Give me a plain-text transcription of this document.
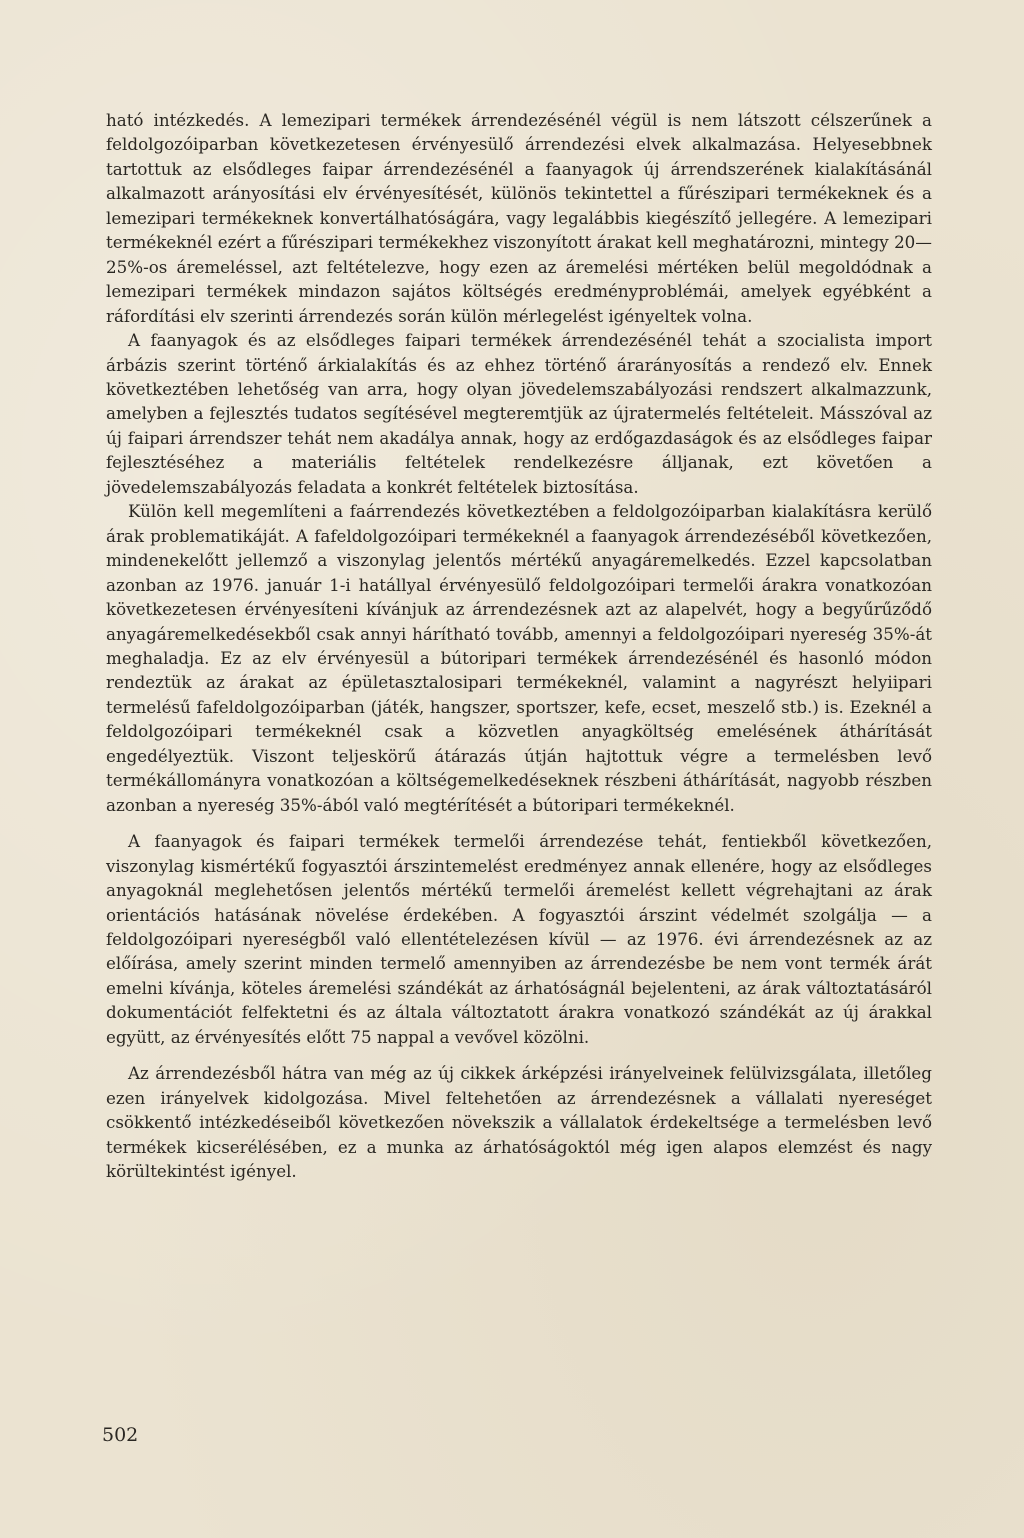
ható intézkedés. A lemezipari termékek árrendezésénél végül is nem látszott célszerűnek a feldolgozóiparban következetesen érvényesülő árrendezési elvek alkalmazása. Helyesebbnek tartottuk az elsődleges faipar árrendezésénél a faanyagok új árrendszerének kialakításánál alkalmazott arányosítási elv érvényesítését, különös tekintettel a fűrészipari termékeknek és a lemezipari termékeknek konvertálhatóságára, vagy legalábbis kiegészítő jellegére. A lemezipari termékeknél ezért a fűrészipari termékekhez viszonyított árakat kell meghatározni, mintegy 20—25%-os áremeléssel, azt feltételezve, hogy ezen az áremelési mértéken belül megoldódnak a lemezipari termékek mindazon sajátos költségés eredményproblémái, amelyek egyébként a ráfordítási elv szerinti árrendezés során külön mérlegelést igényeltek volna.

A faanyagok és az elsődleges faipari termékek árrendezésénél tehát a szocialista import árbázis szerint történő árkialakítás és az ehhez történő árarányosítás a rendező elv. Ennek következtében lehetőség van arra, hogy olyan jövedelemszabályozási rendszert alkalmazzunk, amelyben a fejlesztés tudatos segítésével megteremtjük az újratermelés feltételeit. Másszóval az új faipari árrendszer tehát nem akadálya annak, hogy az erdőgazdaságok és az elsődleges faipar fejlesztéséhez a materiális feltételek rendelkezésre álljanak, ezt követően a jövedelemszabályozás feladata a konkrét feltételek biztosítása.

Külön kell megemlíteni a faárrendezés következtében a feldolgozóiparban kialakításra kerülő árak problematikáját. A fafeldolgozóipari termékeknél a faanyagok árrendezéséből következően, mindenekelőtt jellemző a viszonylag jelentős mértékű anyagáremelkedés. Ezzel kapcsolatban azonban az 1976. január 1-i hatállyal érvényesülő feldolgozóipari termelői árakra vonatkozóan következetesen érvényesíteni kívánjuk az árrendezésnek azt az alapelvét, hogy a begyűrűződő anyagáremelkedésekből csak annyi hárítható tovább, amennyi a feldolgozóipari nyereség 35%-át meghaladja. Ez az elv érvényesül a bútoripari termékek árrendezésénél és hasonló módon rendeztük az árakat az épületasztalosipari termékeknél, valamint a nagyrészt helyiipari termelésű fafeldolgozóiparban (játék, hangszer, sportszer, kefe, ecset, meszelő stb.) is. Ezeknél a feldolgozóipari termékeknél csak a közvetlen anyagköltség emelésének áthárítását engedélyeztük. Viszont teljeskörű átárazás útján hajtottuk végre a termelésben levő termékállományra vonatkozóan a költségemelkedéseknek részbeni áthárítását, nagyobb részben azonban a nyereség 35%-ából való megtérítését a bútoripari termékeknél.

A faanyagok és faipari termékek termelői árrendezése tehát, fentiekből következően, viszonylag kismértékű fogyasztói árszintemelést eredményez annak ellenére, hogy az elsődleges anyagoknál meglehetősen jelentős mértékű termelői áremelést kellett végrehajtani az árak orientációs hatásának növelése érdekében. A fogyasztói árszint védelmét szolgálja — a feldolgozóipari nyereségből való ellentételezésen kívül — az 1976. évi árrendezésnek az az előírása, amely szerint minden termelő amennyiben az árrendezésbe be nem vont termék árát emelni kívánja, köteles áremelési szándékát az árhatóságnál bejelenteni, az árak változtatásáról dokumentációt felfektetni és az általa változtatott árakra vonatkozó szándékát az új árakkal együtt, az érvényesítés előtt 75 nappal a vevővel közölni.

Az árrendezésből hátra van még az új cikkek árképzési irányelveinek felülvizsgálata, illetőleg ezen irányelvek kidolgozása. Mivel feltehetően az árrendezésnek a vállalati nyereséget csökkentő intézkedéseiből következően növekszik a vállalatok érdekeltsége a termelésben levő termékek kicserélésében, ez a munka az árhatóságoktól még igen alapos elemzést és nagy körültekintést igényel.

502
